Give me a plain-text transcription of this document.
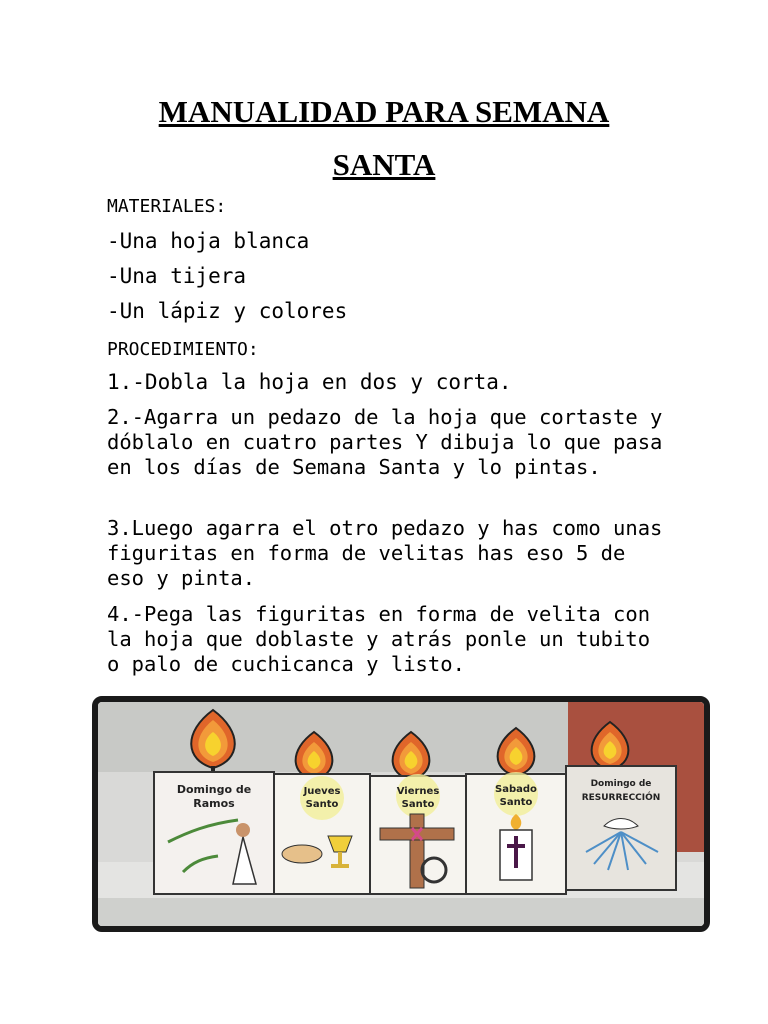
MANUALIDAD PARA SEMANA
SANTA

MATERIALES:

-Una hoja blanca

-Una tijera

-Un lápiz y colores

PROCEDIMIENTO:

1.-Dobla la hoja en dos y corta.

2.-Agarra un pedazo de la hoja que cortaste y dóblalo en cuatro partes Y dibuja lo que pasa en los días de Semana Santa y lo pintas.

3.Luego agarra el otro pedazo y has como unas figuritas en forma de velitas has eso 5 de eso y pinta.

4.-Pega las figuritas en forma de velita con la hoja que doblaste y atrás ponle un tubito o palo de cuchicanca y listo.

Domingo de
Ramos
Jueves
Santo
Viernes
Santo
Sabado
Santo
Domingo de
RESURRECCIÓN
